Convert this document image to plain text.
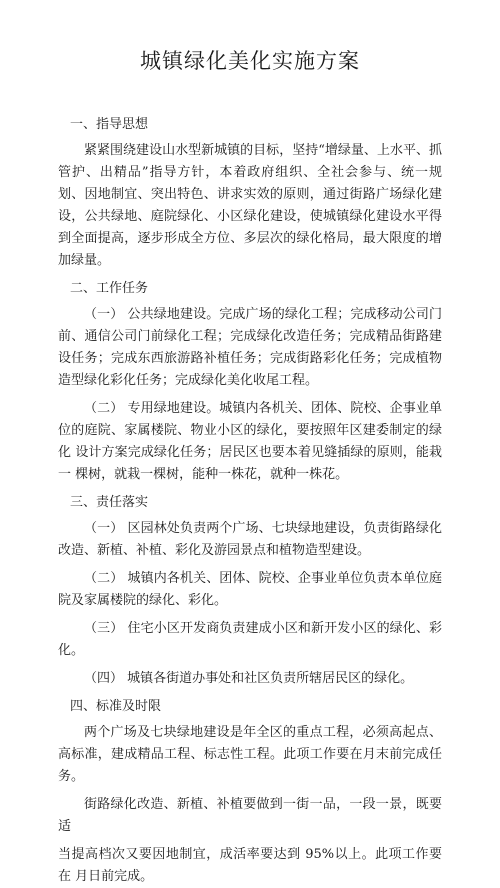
城镇绿化美化实施方案
一、指导思想

紧紧围绕建设山水型新城镇的目标，坚持“增绿量、上水平、抓管护、出精品”指导方针，本着政府组织、全社会参与、统一规 划、因地制宜、突出特色、讲求实效的原则，通过街路广场绿化建 设，公共绿地、庭院绿化、小区绿化建设，使城镇绿化建设水平得 到全面提高，逐步形成全方位、多层次的绿化格局，最大限度的增 加绿量。

二、工作任务

（一） 公共绿地建设。完成广场的绿化工程；完成移动公司门前、通信公司门前绿化工程；完成绿化改造任务；完成精品街路建 设任务；完成东西旅游路补植任务；完成街路彩化任务；完成植物 造型绿化彩化任务；完成绿化美化收尾工程。

（二） 专用绿地建设。城镇内各机关、团体、院校、企事业单位的庭院、家属楼院、物业小区的绿化，要按照年区建委制定的绿化 设计方案完成绿化任务；居民区也要本着见缝插绿的原则，能栽一 棵树，就栽一棵树，能种一株花，就种一株花。

三、责任落实

（一） 区园林处负责两个广场、七块绿地建设，负责街路绿化改造、新植、补植、彩化及游园景点和植物造型建设。

（二） 城镇内各机关、团体、院校、企事业单位负责本单位庭院及家属楼院的绿化、彩化。

（三） 住宅小区开发商负责建成小区和新开发小区的绿化、彩化。

（四） 城镇各街道办事处和社区负责所辖居民区的绿化。

四、标准及时限

两个广场及七块绿地建设是年全区的重点工程，必须高起点、高标准，建成精品工程、标志性工程。此项工作要在月末前完成任 务。

街路绿化改造、新植、补植要做到一街一品，一段一景，既要适

当提高档次又要因地制宜，成活率要达到 95%以上。此项工作要在 月日前完成。
